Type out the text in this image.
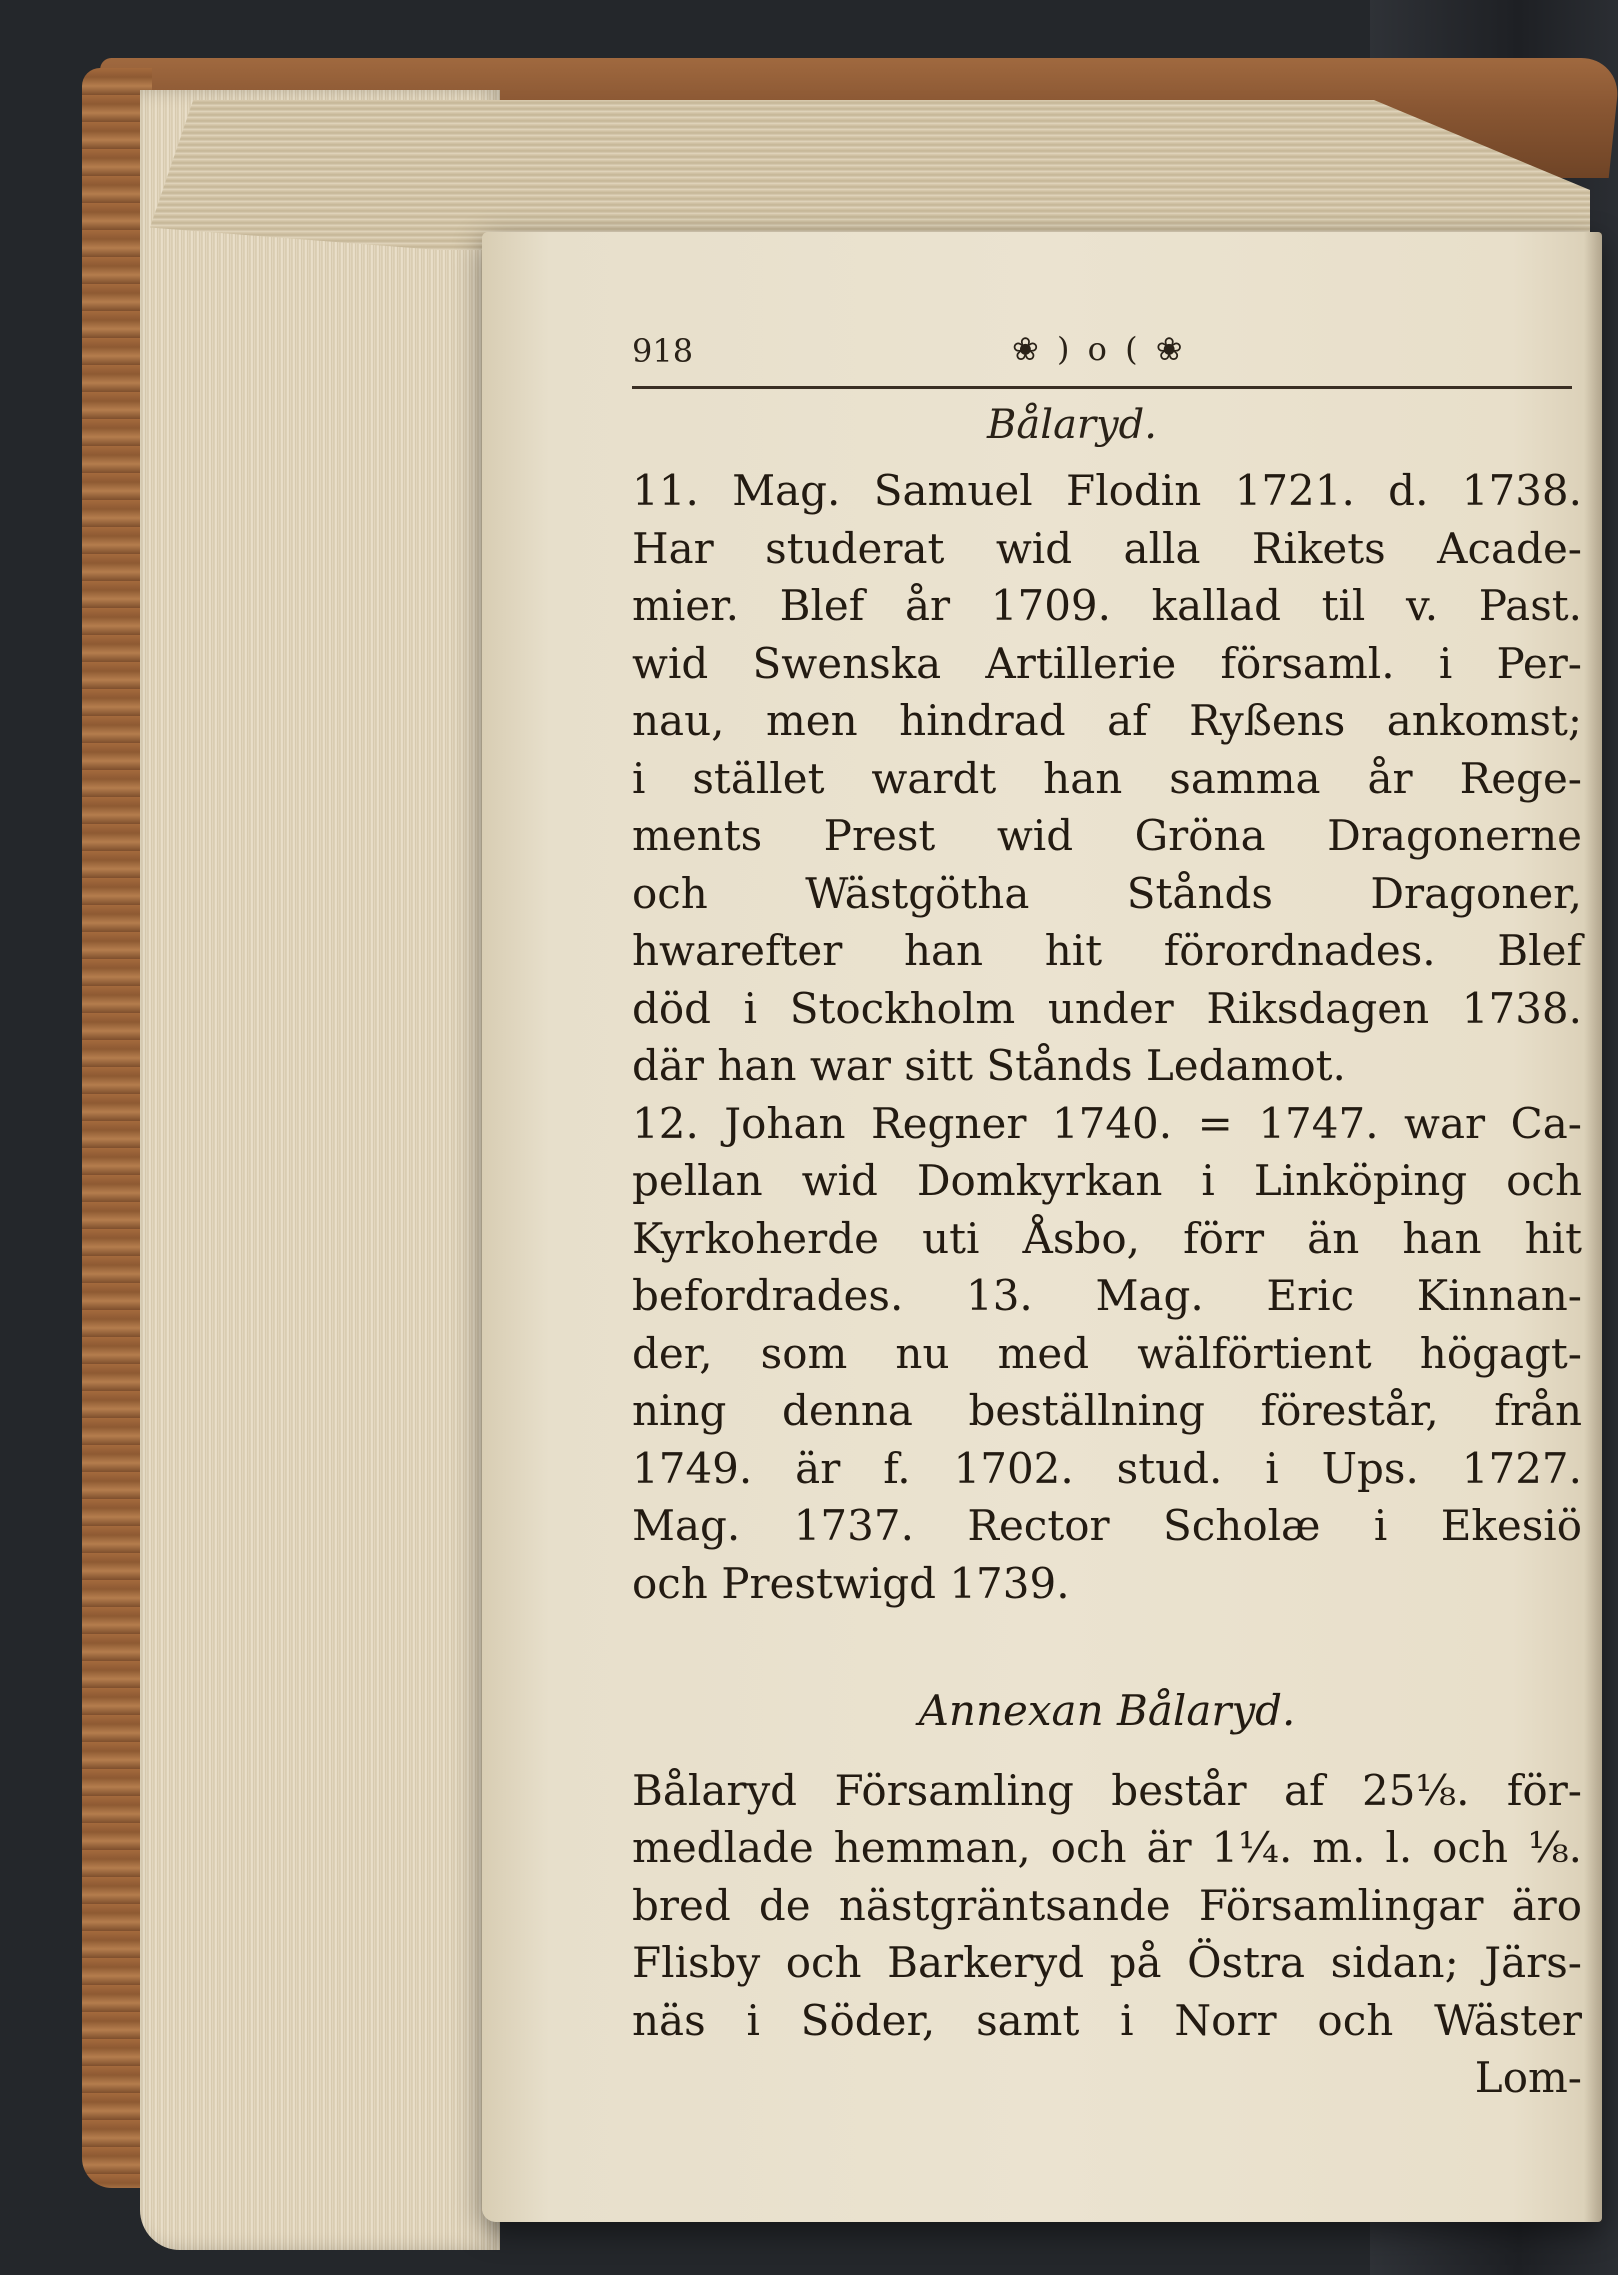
918	❀ ) o ( ❀
Bålaryd.
11. Mag. Samuel Flodin 1721. d. 1738.
Har studerat wid alla Rikets Acade-
mier. Blef år 1709. kallad til v. Past.
wid Swenska Artillerie församl. i Per-
nau, men hindrad af Ryßens ankomst;
i stället wardt han samma år Rege-
ments Prest wid Gröna Dragonerne
och Wästgötha Stånds Dragoner,
hwarefter han hit förordnades. Blef
död i Stockholm under Riksdagen 1738.
där han war sitt Stånds Ledamot.
12. Johan Regner 1740. = 1747. war Ca-
pellan wid Domkyrkan i Linköping och
Kyrkoherde uti Åsbo, förr än han hit
befordrades. 13. Mag. Eric Kinnan-
der, som nu med wälförtient högagt-
ning denna beställning förestår, från
1749. är f. 1702. stud. i Ups. 1727.
Mag. 1737. Rector Scholæ i Ekesiö
och Prestwigd 1739.
Annexan Bålaryd.
Bålaryd Församling består af 25⅛. för-
medlade hemman, och är 1¼. m. l. och ⅛.
bred de nästgräntsande Församlingar äro
Flisby och Barkeryd på Östra sidan; Järs-
näs i Söder, samt i Norr och Wäster
Lom-
